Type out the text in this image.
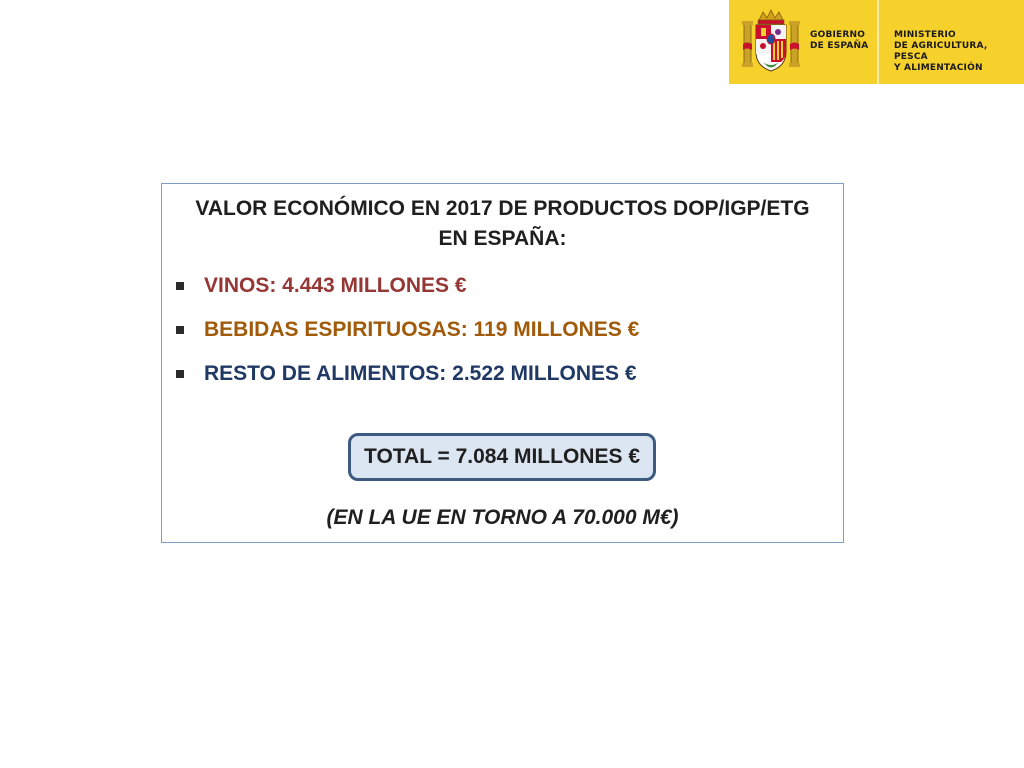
GOBIERNO
DE ESPAÑA
MINISTERIO
DE AGRICULTURA, PESCA
Y ALIMENTACIÓN
VALOR ECONÓMICO EN 2017 DE PRODUCTOS DOP/IGP/ETG
EN ESPAÑA:
VINOS: 4.443 MILLONES €
BEBIDAS ESPIRITUOSAS: 119 MILLONES €
RESTO DE ALIMENTOS: 2.522 MILLONES €
TOTAL = 7.084 MILLONES €
(EN LA UE EN TORNO A 70.000 M€)
